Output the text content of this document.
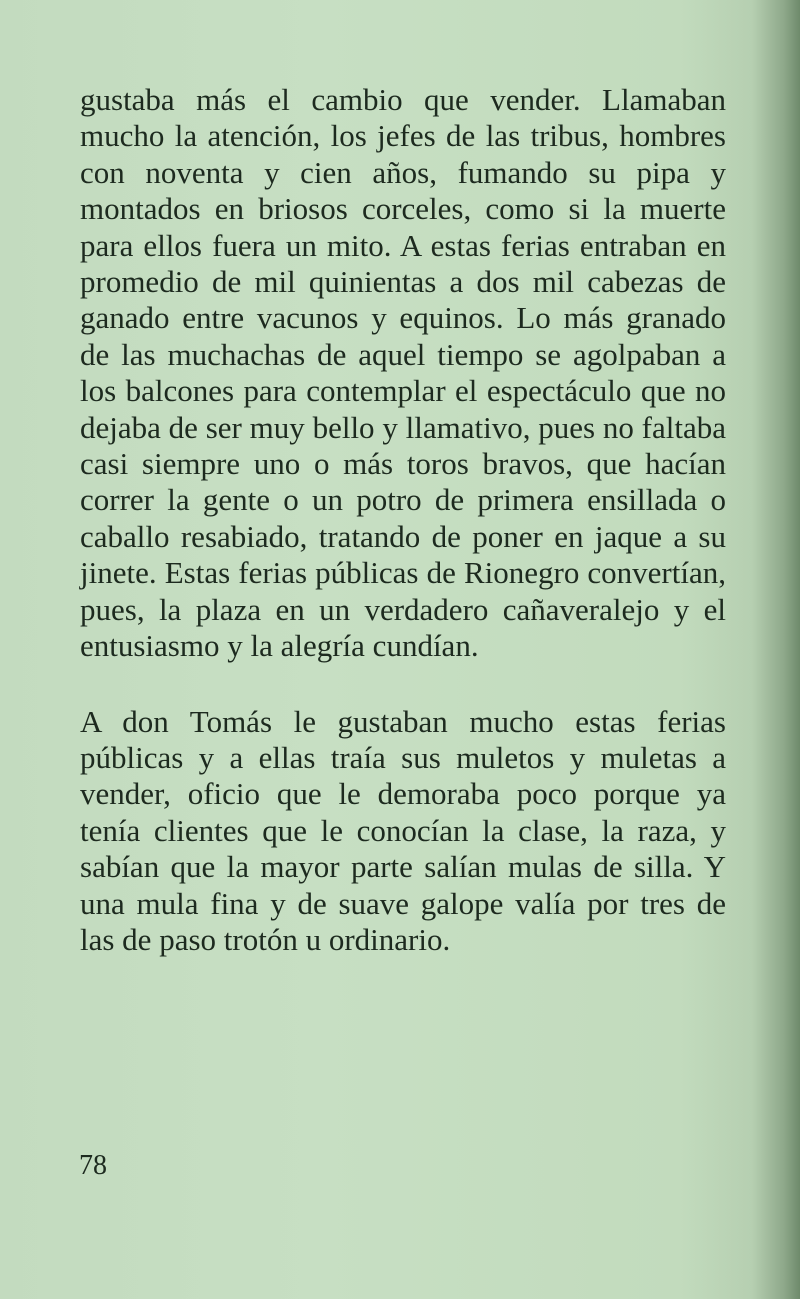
gustaba más el cambio que vender. Llamaban mucho la atención, los jefes de las tribus, hombres con noventa y cien años, fumando su pipa y montados en briosos corceles, como si la muerte para ellos fuera un mito. A estas ferias entraban en promedio de mil quinientas a dos mil cabezas de ganado entre vacunos y equinos. Lo más granado de las muchachas de aquel tiempo se agolpaban a los balcones para contemplar el espectáculo que no dejaba de ser muy bello y llamativo, pues no faltaba casi siempre uno o más toros bravos, que hacían correr la gente o un potro de primera ensillada o caballo resabiado, tratando de poner en jaque a su jinete. Estas ferias públicas de Rionegro convertían, pues, la plaza en un verdadero cañaveralejo y el entusiasmo y la alegría cundían.

A don Tomás le gustaban mucho estas ferias públicas y a ellas traía sus muletos y muletas a vender, oficio que le demoraba poco porque ya tenía clientes que le conocían la clase, la raza, y sabían que la mayor parte salían mulas de silla. Y una mula fina y de suave galope valía por tres de las de paso trotón u ordinario.

78
